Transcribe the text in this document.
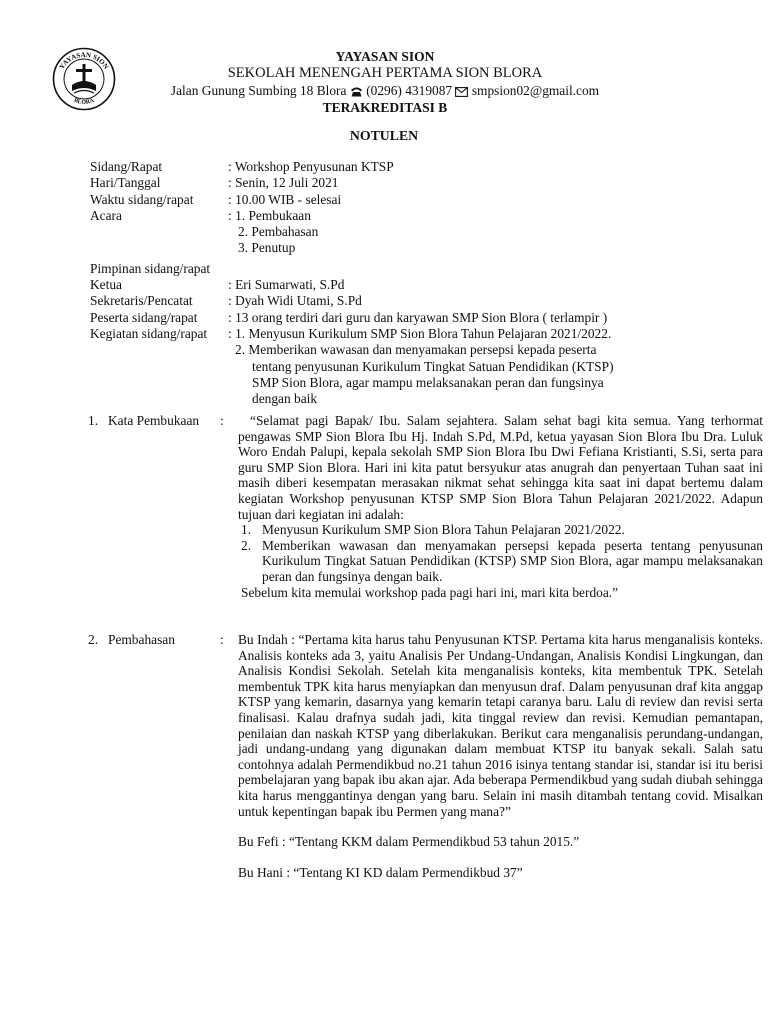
YAYASAN SION
BLORA
YAYASAN SION
SEKOLAH MENENGAH PERTAMA SION BLORA
Jalan Gunung Sumbing 18 Blora (0296) 4319087 smpsion02@gmail.com
TERAKREDITASI B
NOTULEN
Sidang/Rapat	: Workshop Penyusunan KTSP
Hari/Tanggal	: Senin, 12 Juli 2021
Waktu sidang/rapat	: 10.00 WIB - selesai
Acara	: 1. Pembukaan
2. Pembahasan
3. Penutup
Pimpinan sidang/rapat
Ketua	: Eri Sumarwati, S.Pd
Sekretaris/Pencatat	: Dyah Widi Utami, S.Pd
Peserta sidang/rapat	: 13 orang terdiri dari guru dan karyawan SMP Sion Blora ( terlampir )
Kegiatan sidang/rapat	: 1. Menyusun Kurikulum SMP Sion Blora Tahun Pelajaran 2021/2022.
2. Memberikan wawasan dan menyamakan persepsi kepada peserta
tentang penyusunan Kurikulum Tingkat Satuan Pendidikan (KTSP)
SMP Sion Blora, agar mampu melaksanakan peran dan fungsinya
dengan baik
1. Kata Pembukaan :	“Selamat pagi Bapak/ Ibu. Salam sejahtera. Salam sehat bagi kita semua. Yang terhormat pengawas SMP Sion Blora Ibu Hj. Indah S.Pd, M.Pd, ketua yayasan Sion Blora Ibu Dra. Luluk Woro Endah Palupi, kepala sekolah SMP Sion Blora Ibu Dwi Fefiana Kristianti, S.Si, serta para guru SMP Sion Blora. Hari ini kita patut bersyukur atas anugrah dan penyertaan Tuhan saat ini masih diberi kesempatan merasakan nikmat sehat sehingga kita saat ini dapat bertemu dalam kegiatan Workshop penyusunan KTSP SMP Sion Blora Tahun Pelajaran 2021/2022. Adapun tujuan dari kegiatan ini adalah:

1. Menyusun Kurikulum SMP Sion Blora Tahun Pelajaran 2021/2022.
2. Memberikan wawasan dan menyamakan persepsi kepada peserta tentang penyusunan Kurikulum Tingkat Satuan Pendidikan (KTSP) SMP Sion Blora, agar mampu melaksanakan peran dan fungsinya dengan baik.

Sebelum kita memulai workshop pada pagi hari ini, mari kita berdoa.”

2. Pembahasan	: Bu Indah : “Pertama kita harus tahu Penyusunan KTSP. Pertama kita harus menganalisis konteks. Analisis konteks ada 3, yaitu Analisis Per Undang-Undangan, Analisis Kondisi Lingkungan, dan Analisis Kondisi Sekolah. Setelah kita menganalisis konteks, kita membentuk TPK. Setelah membentuk TPK kita harus menyiapkan dan menyusun draf. Dalam penyusunan draf kita anggap KTSP yang kemarin, dasarnya yang kemarin tetapi caranya baru. Lalu di review dan revisi serta finalisasi. Kalau drafnya sudah jadi, kita tinggal review dan revisi. Kemudian pemantapan, penilaian dan naskah KTSP yang diberlakukan. Berikut cara menganalisis perundang-undangan, jadi undang-undang yang digunakan dalam membuat KTSP itu banyak sekali. Salah satu contohnya adalah Permendikbud no.21 tahun 2016 isinya tentang standar isi, standar isi itu berisi pembelajaran yang bapak ibu akan ajar. Ada beberapa Permendikbud yang sudah diubah sehingga kita harus menggantinya dengan yang baru. Selain ini masih ditambah tentang covid. Misalkan untuk kepentingan bapak ibu Permen yang mana?”

Bu Fefi : “Tentang KKM dalam Permendikbud 53 tahun 2015.”

Bu Hani : “Tentang KI KD dalam Permendikbud 37”
